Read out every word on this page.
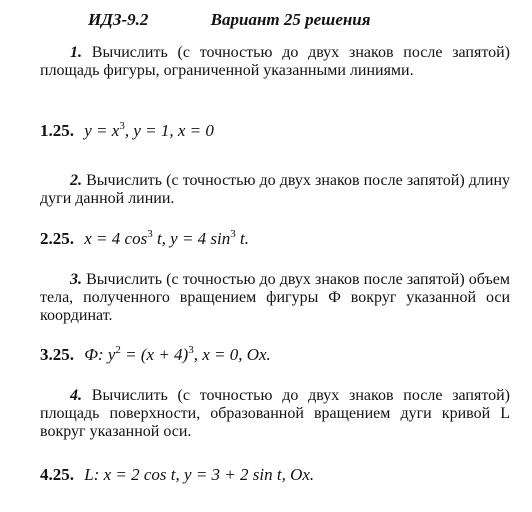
ИДЗ-9.2	Вариант 25 решения
1. Вычислить (с точностью до двух знаков после запятой) площадь фигуры, ограниченной указанными линиями.
1.25. $y = x^3$, y = 1, x = 0
2. Вычислить (с точностью до двух знаков после запятой) длину дуги данной линии.
2.25. x = 4 $\cos^3 t$, y = 4 $\sin^3 t$.
3. Вычислить (с точностью до двух знаков после запятой) объем тела, полученного вращением фигуры Ф вокруг указанной оси координат.
3.25. Ф: $y^2 = (x + 4)^3$, x = 0, Ox.
4. Вычислить (с точностью до двух знаков после запятой) площадь поверхности, образованной вращением дуги кривой L вокруг указанной оси.
4.25. L: x = 2 cos t, y = 3 + 2 sin t, Ox.
